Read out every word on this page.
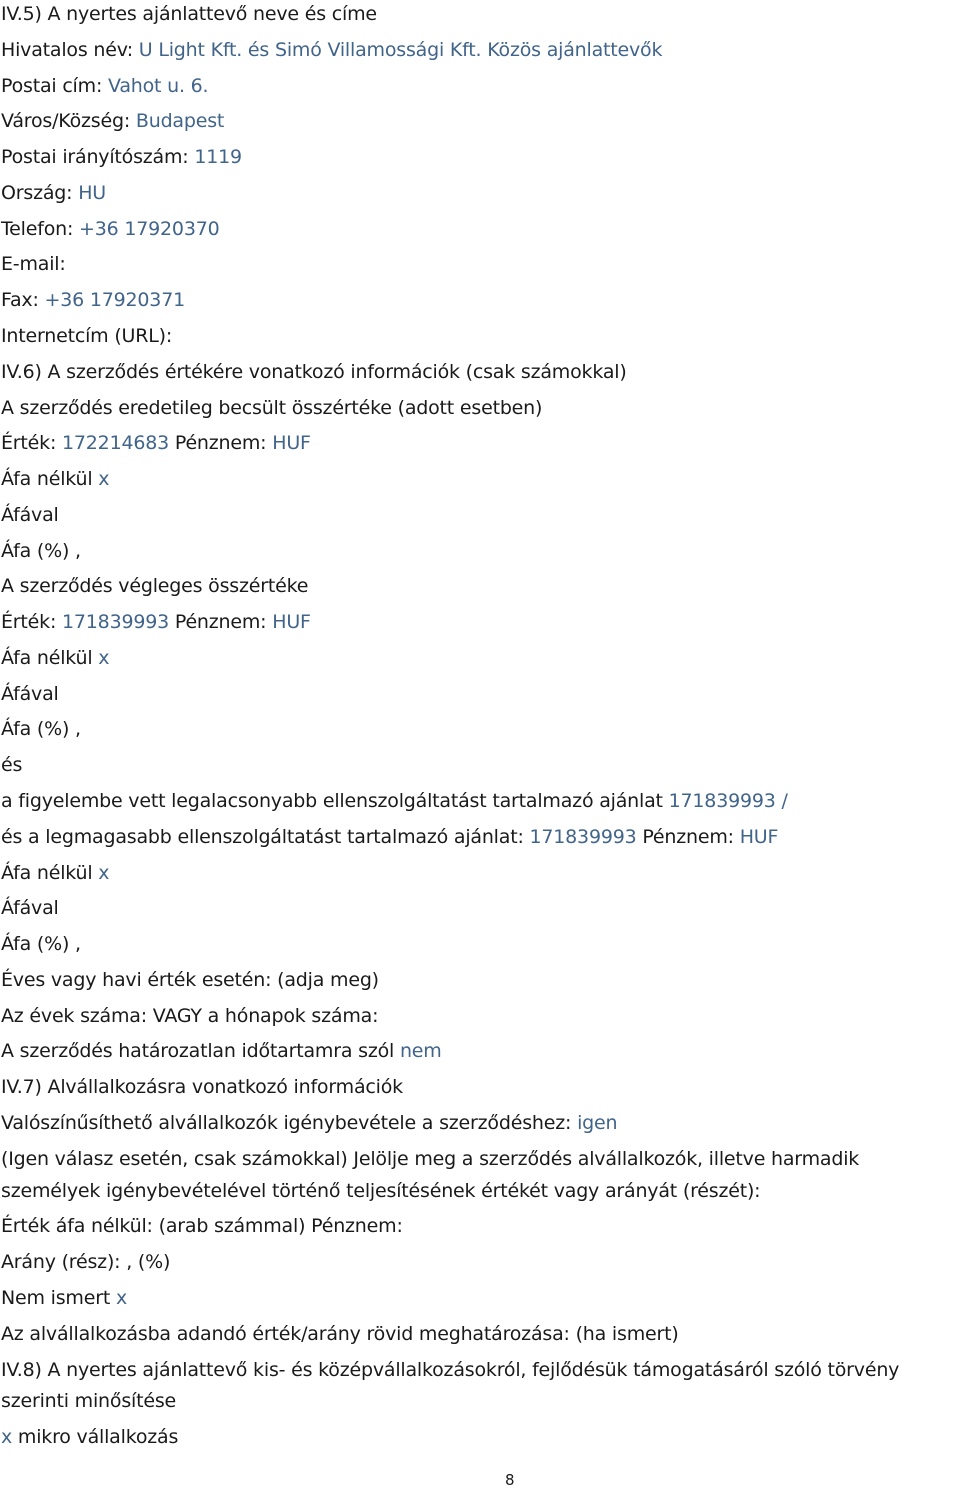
IV.5) A nyertes ajánlattevő neve és címe
Hivatalos név: U Light Kft. és Simó Villamossági Kft. Közös ajánlattevők
Postai cím: Vahot u. 6.
Város/Község: Budapest
Postai irányítószám: 1119
Ország: HU
Telefon: +36 17920370
E-mail:
Fax: +36 17920371
Internetcím (URL):
IV.6) A szerződés értékére vonatkozó információk (csak számokkal)
A szerződés eredetileg becsült összértéke (adott esetben)
Érték: 172214683 Pénznem: HUF
Áfa nélkül x
Áfával
Áfa (%) ,
A szerződés végleges összértéke
Érték: 171839993 Pénznem: HUF
Áfa nélkül x
Áfával
Áfa (%) ,
és
a figyelembe vett legalacsonyabb ellenszolgáltatást tartalmazó ajánlat 171839993 /
és a legmagasabb ellenszolgáltatást tartalmazó ajánlat: 171839993 Pénznem: HUF
Áfa nélkül x
Áfával
Áfa (%) ,
Éves vagy havi érték esetén: (adja meg)
Az évek száma: VAGY a hónapok száma:
A szerződés határozatlan időtartamra szól nem
IV.7) Alvállalkozásra vonatkozó információk
Valószínűsíthető alvállalkozók igénybevétele a szerződéshez: igen
(Igen válasz esetén, csak számokkal) Jelölje meg a szerződés alvállalkozók, illetve harmadik
személyek igénybevételével történő teljesítésének értékét vagy arányát (részét):
Érték áfa nélkül: (arab számmal) Pénznem:
Arány (rész): , (%)
Nem ismert x
Az alvállalkozásba adandó érték/arány rövid meghatározása: (ha ismert)
IV.8) A nyertes ajánlattevő kis- és középvállalkozásokról, fejlődésük támogatásáról szóló törvény
szerinti minősítése
x mikro vállalkozás
8
